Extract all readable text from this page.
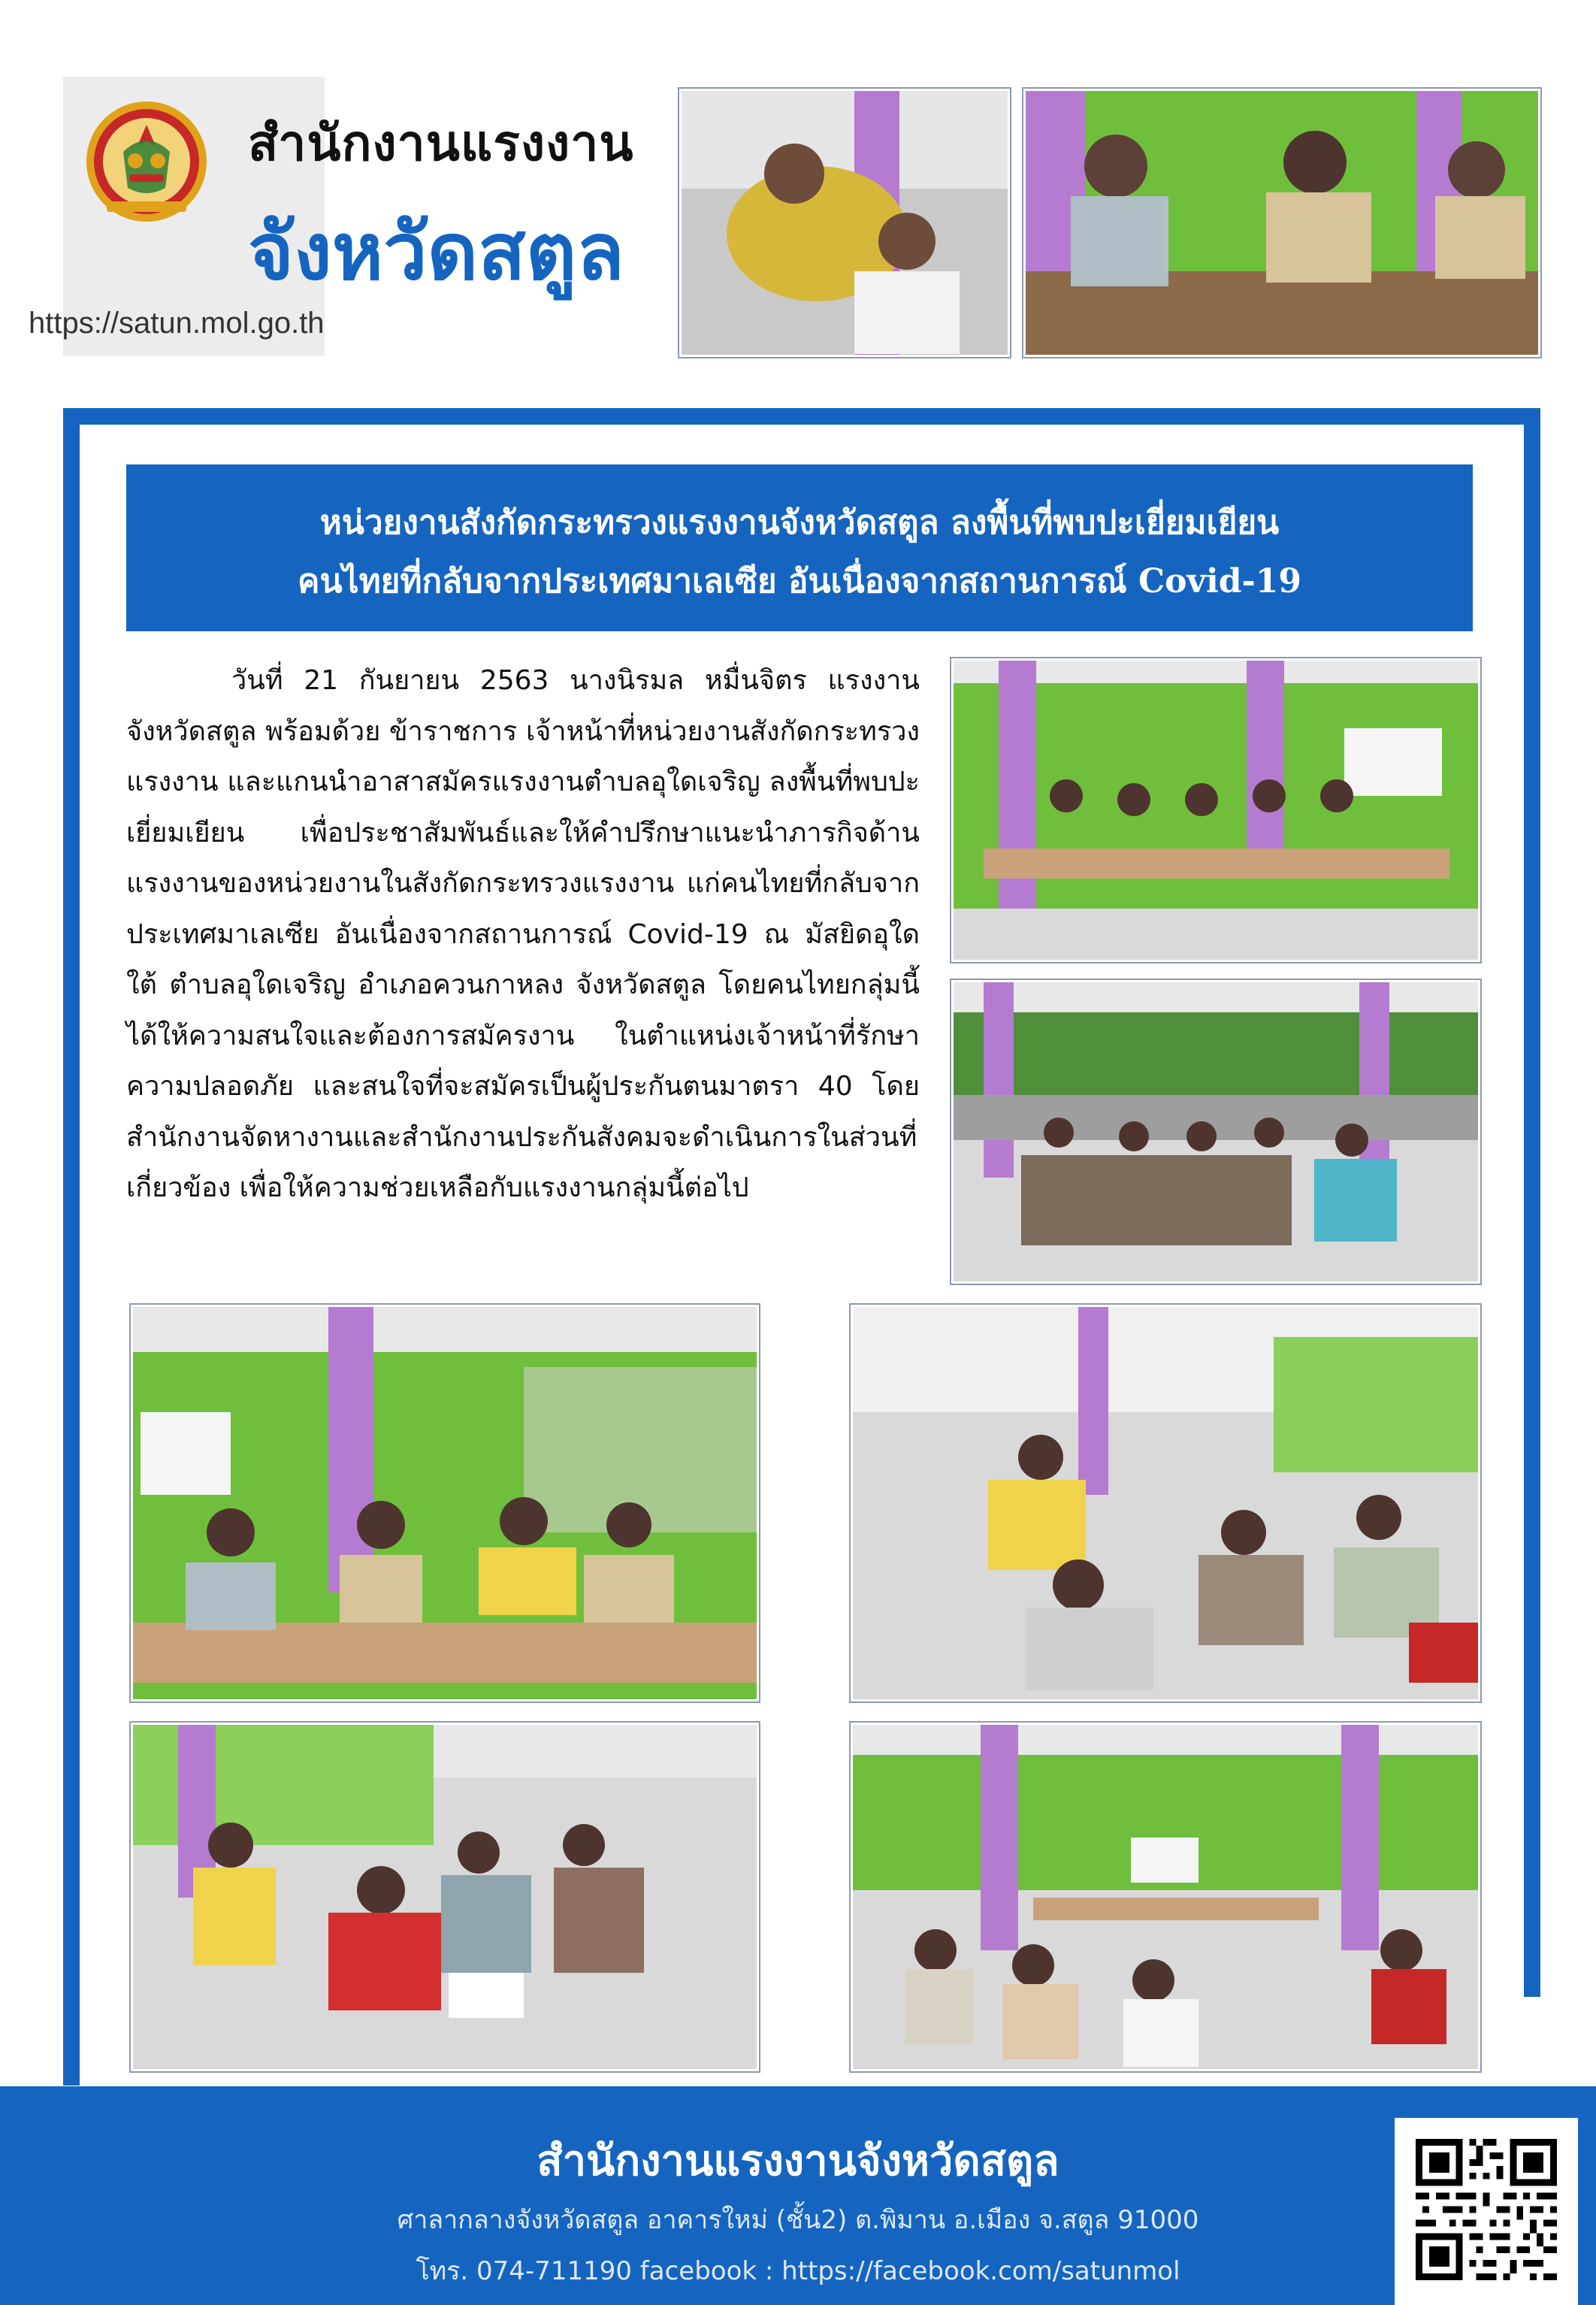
สำนักงานแรงงาน
จังหวัดสตูล
https://satun.mol.go.th
หน่วยงานสังกัดกระทรวงแรงงานจังหวัดสตูล ลงพื้นที่พบปะเยี่ยมเยียน
คนไทยที่กลับจากประเทศมาเลเซีย อันเนื่องจากสถานการณ์ Covid-19

วันที่ 21 กันยายน 2563 นางนิรมล หมื่นจิตร แรงงานจังหวัดสตูล พร้อมด้วย ข้าราชการ เจ้าหน้าที่หน่วยงานสังกัดกระทรวงแรงงาน และแกนนำอาสาสมัครแรงงานตำบลอุใดเจริญ ลงพื้นที่พบปะเยี่ยมเยียน เพื่อประชาสัมพันธ์และให้คำปรึกษาแนะนำภารกิจด้านแรงงานของหน่วยงานในสังกัดกระทรวงแรงงาน แก่คนไทยที่กลับจากประเทศมาเลเซีย อันเนื่องจากสถานการณ์ Covid-19 ณ มัสยิดอุใดใต้ ตำบลอุใดเจริญ อำเภอควนกาหลง จังหวัดสตูล โดยคนไทยกลุ่มนี้ได้ให้ความสนใจและต้องการสมัครงาน ในตำแหน่งเจ้าหน้าที่รักษาความปลอดภัย และสนใจที่จะสมัครเป็นผู้ประกันตนมาตรา 40 โดย สำนักงานจัดหางานและสำนักงานประกันสังคมจะดำเนินการในส่วนที่เกี่ยวข้อง เพื่อให้ความช่วยเหลือกับแรงงานกลุ่มนี้ต่อไป

สำนักงานแรงงานจังหวัดสตูล
ศาลากลางจังหวัดสตูล อาคารใหม่ (ชั้น2) ต.พิมาน อ.เมือง จ.สตูล 91000
โทร. 074-711190 facebook : https://facebook.com/satunmol
